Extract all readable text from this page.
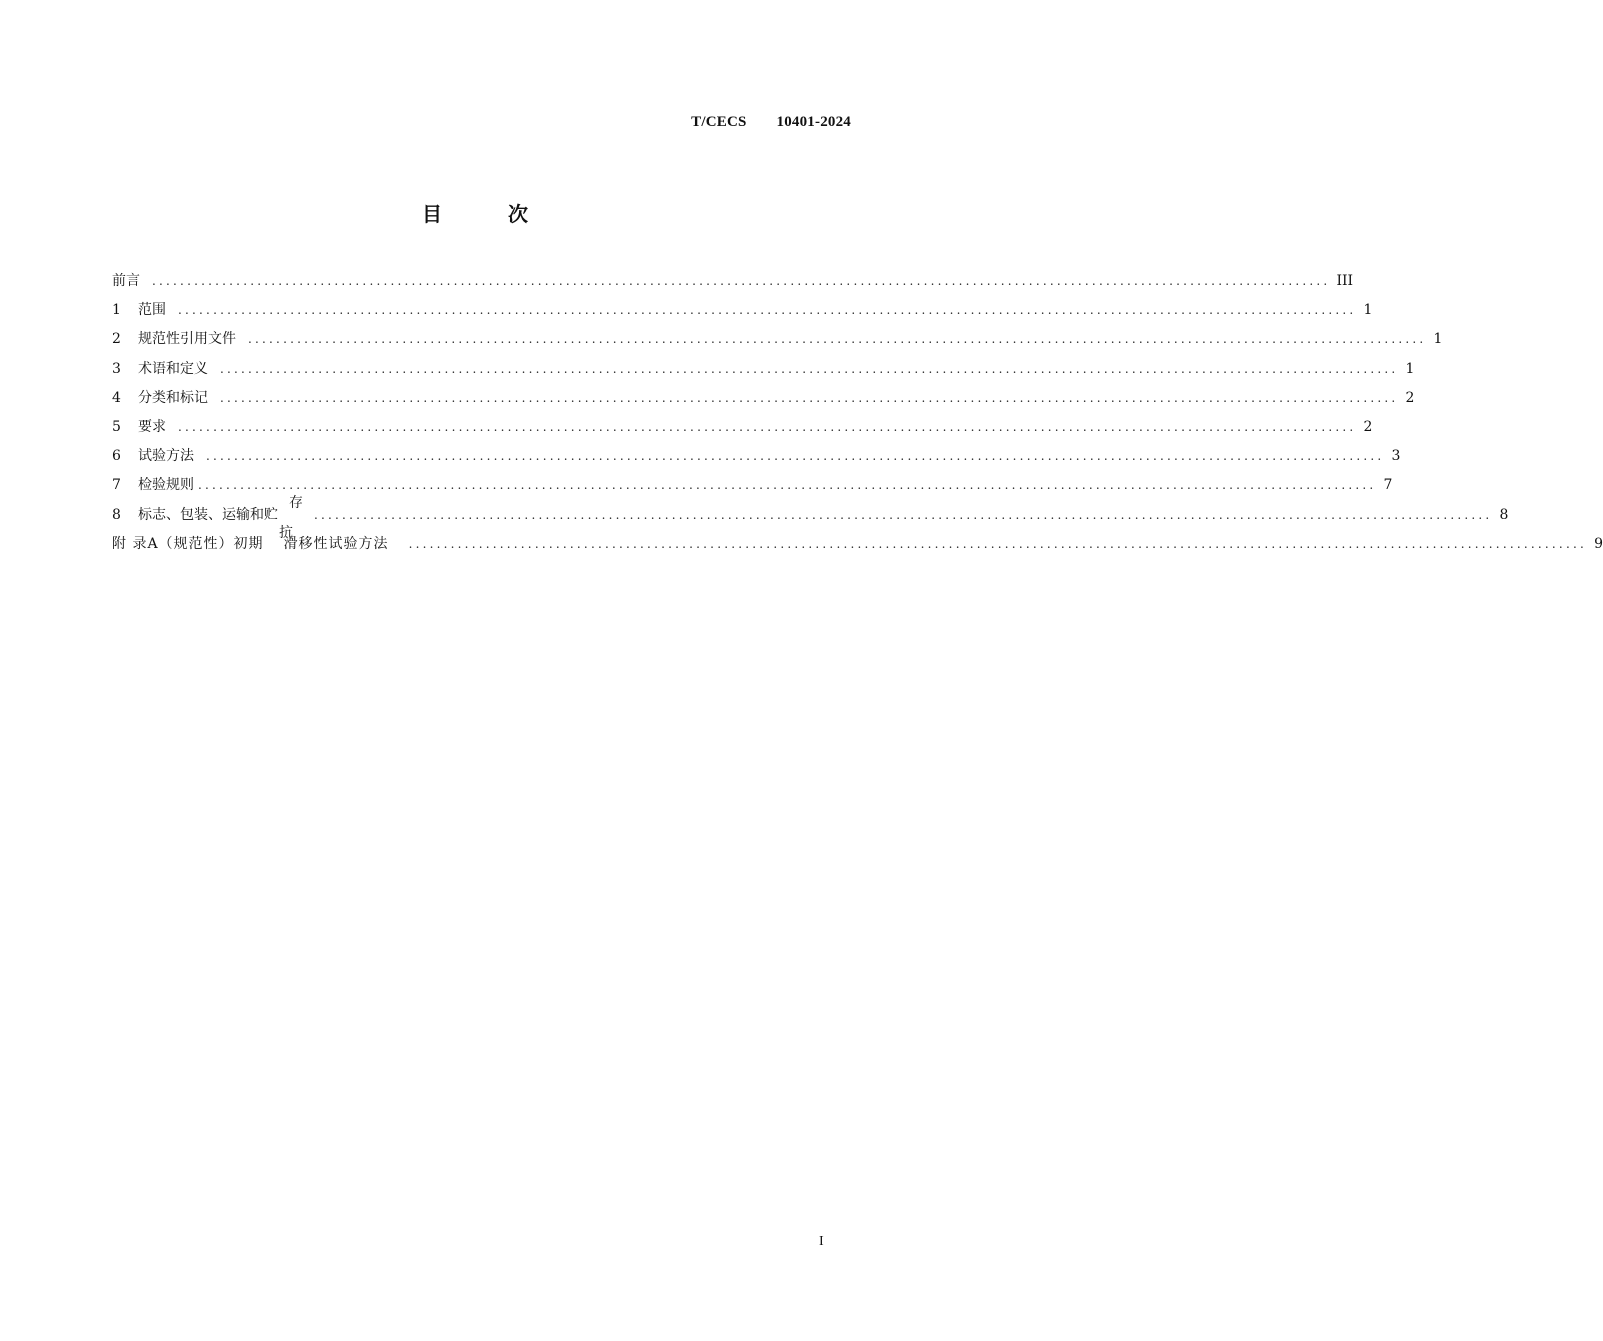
T/CECS 10401-2024
目	次
前言 ........................................................................................................................................................................ III
1	范围 ........................................................................................................................................................................ 1
2	规范性引用文件 ........................................................................................................................................................................ 1
3	术语和定义 ........................................................................................................................................................................ 1
4	分类和标记 ........................................................................................................................................................................ 2
5	要求 ........................................................................................................................................................................ 2
6	试验方法 ........................................................................................................................................................................ 3
7	检验规则 ........................................................................................................................................................................ 7
8	标志、包装、运输和贮	........................................................................................................................................................................ 8
附 录A（规范性）初期 滑移性试验方法 ........................................................................................................................................................................ 9
存
抗
I
